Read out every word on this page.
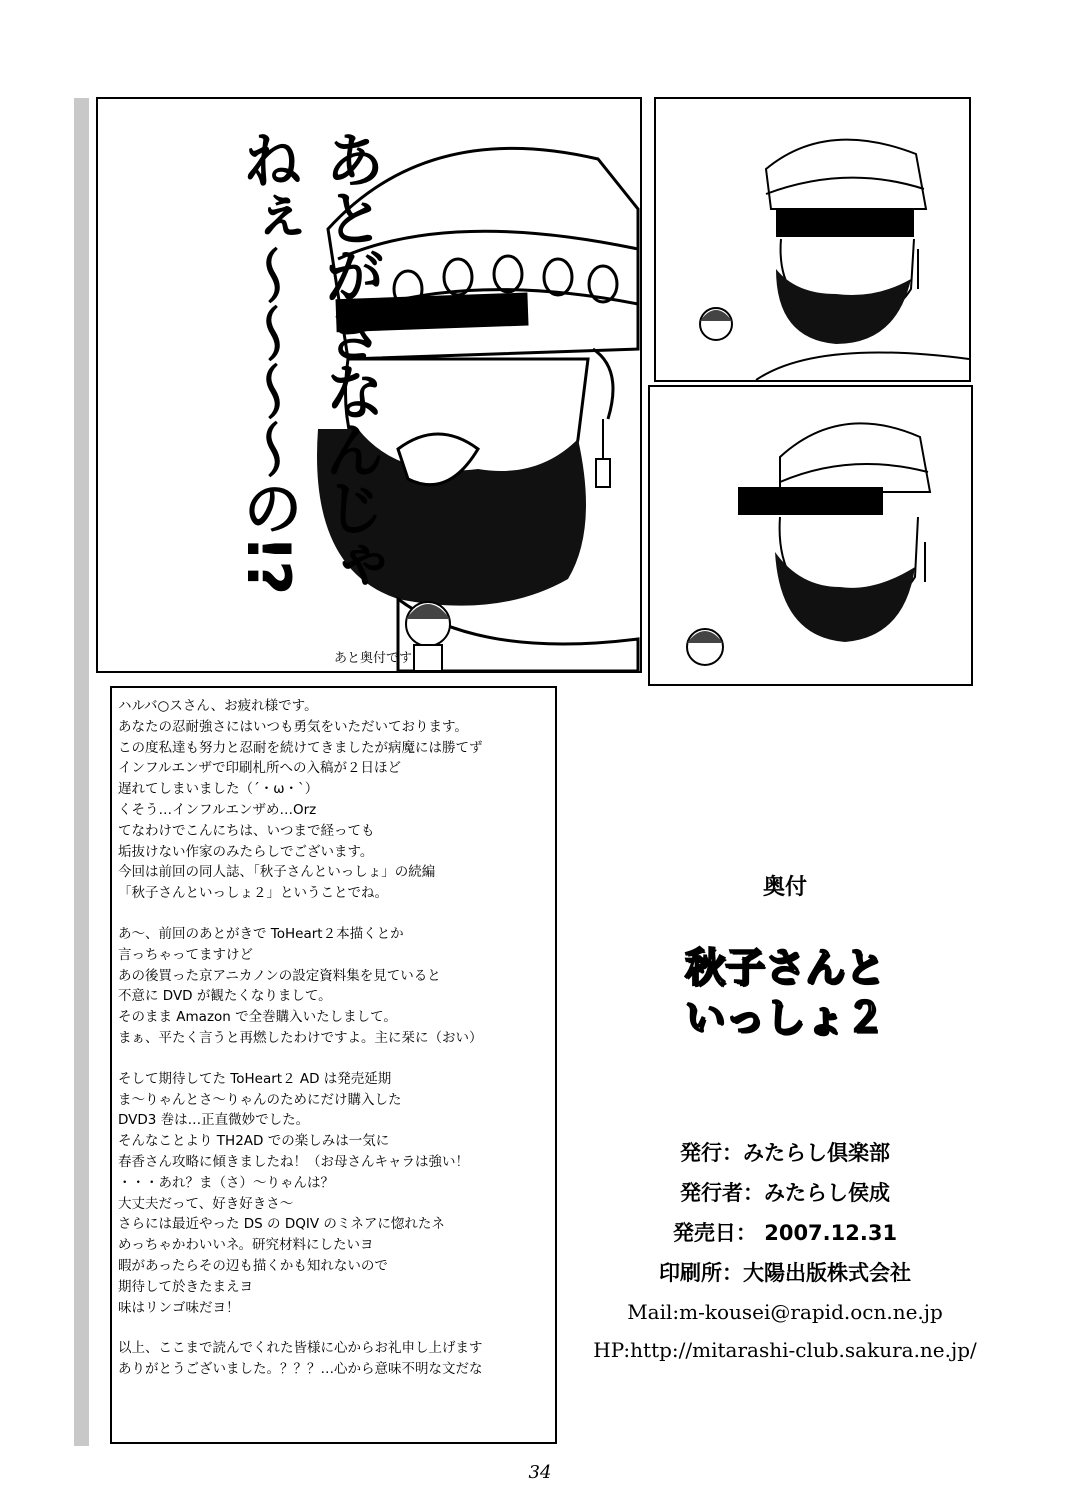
あとがきなんじゃ
ねぇ〜〜〜〜の!?
あと奥付です

ハルバ○スさん、お疲れ様です。

あなたの忍耐強さにはいつも勇気をいただいております。

この度私達も努力と忍耐を続けてきましたが病魔には勝てず

インフルエンザで印刷札所への入稿が２日ほど

遅れてしまいました（´・ω・`）

くそう…インフルエンザめ…Orz

てなわけでこんにちは、いつまで経っても

垢抜けない作家のみたらしでございます。

今回は前回の同人誌、「秋子さんといっしょ」の続編

「秋子さんといっしょ２」ということでね。

あ〜、前回のあとがきで ToHeart２本描くとか

言っちゃってますけど

あの後買った京アニカノンの設定資料集を見ていると

不意に DVD が観たくなりまして。

そのまま Amazon で全巻購入いたしまして。

まぁ、平たく言うと再燃したわけですよ。主に栞に（おい）

そして期待してた ToHeart２ AD は発売延期

ま〜りゃんとさ〜りゃんのためにだけ購入した

DVD3 巻は…正直微妙でした。

そんなことより TH2AD での楽しみは一気に

春香さん攻略に傾きましたね！（お母さんキャラは強い！

・・・あれ？ま（さ）〜りゃんは？

大丈夫だって、好き好きさ〜

さらには最近やった DS の DQIV のミネアに惚れたネ

めっちゃかわいいネ。研究材料にしたいヨ

暇があったらその辺も描くかも知れないので

期待して於きたまえヨ

味はリンゴ味だヨ！

以上、ここまで読んでくれた皆様に心からお礼申し上げます

ありがとうございました。？？？…心から意味不明な文だな

奥付
秋子さんと
いっしょ２
発行：みたらし倶楽部
発行者：みたらし侯成
発売日： 2007.12.31
印刷所：大陽出版株式会社
Mail:m-kousei@rapid.ocn.ne.jp
HP:http://mitarashi-club.sakura.ne.jp/
34
